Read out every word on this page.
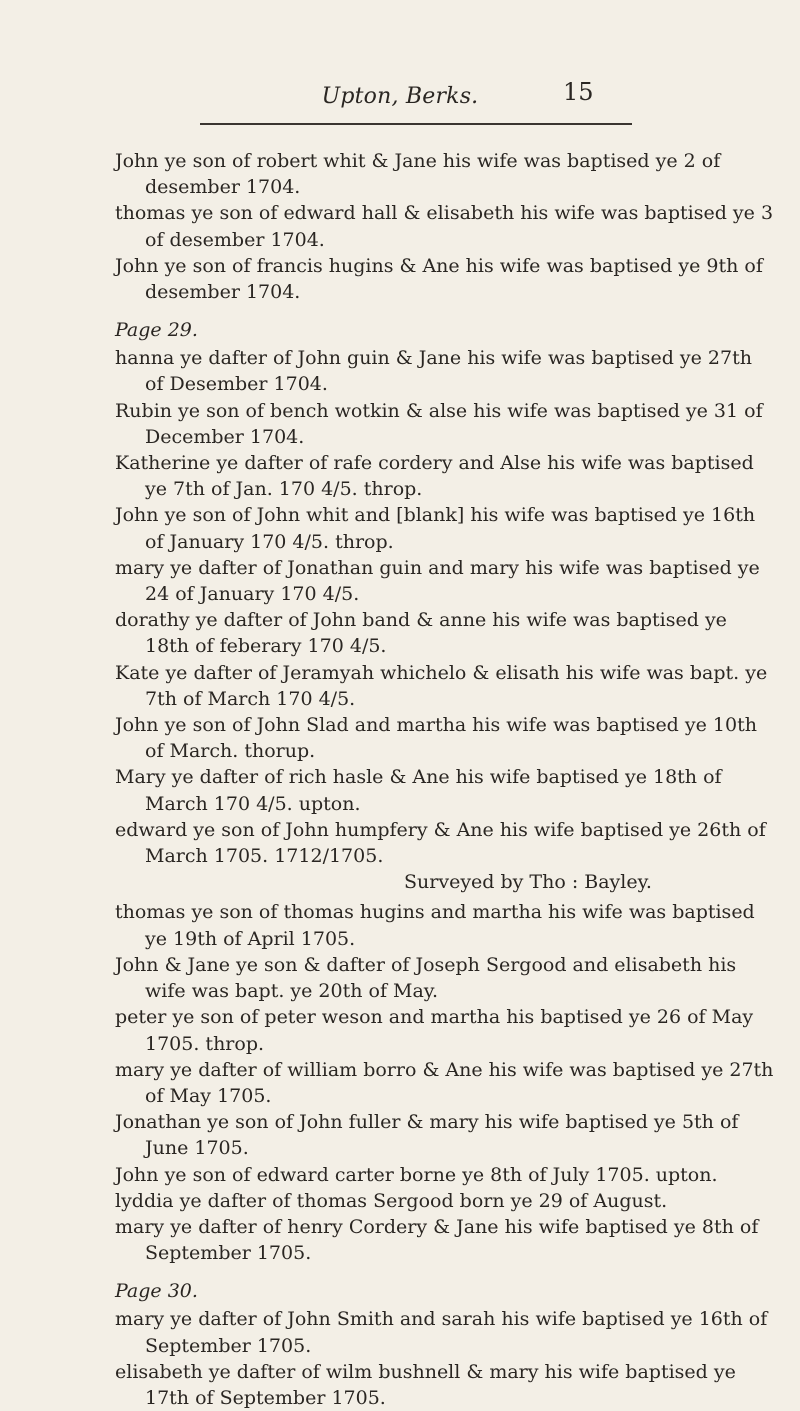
Upton, Berks.	15

John ye son of robert whit & Jane his wife was baptised ye 2 of desember 1704.

thomas ye son of edward hall & elisabeth his wife was baptised ye 3 of desember 1704.

John ye son of francis hugins & Ane his wife was baptised ye 9th of desember 1704.

Page 29.

hanna ye dafter of John guin & Jane his wife was baptised ye 27th of Desember 1704.

Rubin ye son of bench wotkin & alse his wife was baptised ye 31 of December 1704.

Katherine ye dafter of rafe cordery and Alse his wife was baptised ye 7th of Jan. 170 4/5. throp.

John ye son of John whit and [blank] his wife was baptised ye 16th of January 170 4/5. throp.

mary ye dafter of Jonathan guin and mary his wife was baptised ye 24 of January 170 4/5.

dorathy ye dafter of John band & anne his wife was baptised ye 18th of feberary 170 4/5.

Kate ye dafter of Jeramyah whichelo & elisath his wife was bapt. ye 7th of March 170 4/5.

John ye son of John Slad and martha his wife was baptised ye 10th of March. thorup.

Mary ye dafter of rich hasle & Ane his wife baptised ye 18th of March 170 4/5. upton.

edward ye son of John humpfery & Ane his wife baptised ye 26th of March 1705. 1712/1705.

Surveyed by Tho : Bayley.

thomas ye son of thomas hugins and martha his wife was baptised ye 19th of April 1705.

John & Jane ye son & dafter of Joseph Sergood and elisabeth his wife was bapt. ye 20th of May.

peter ye son of peter weson and martha his baptised ye 26 of May 1705. throp.

mary ye dafter of william borro & Ane his wife was baptised ye 27th of May 1705.

Jonathan ye son of John fuller & mary his wife baptised ye 5th of June 1705.

John ye son of edward carter borne ye 8th of July 1705. upton.

lyddia ye dafter of thomas Sergood born ye 29 of August.

mary ye dafter of henry Cordery & Jane his wife baptised ye 8th of September 1705.

Page 30.

mary ye dafter of John Smith and sarah his wife baptised ye 16th of September 1705.

elisabeth ye dafter of wilm bushnell & mary his wife baptised ye 17th of September 1705.
